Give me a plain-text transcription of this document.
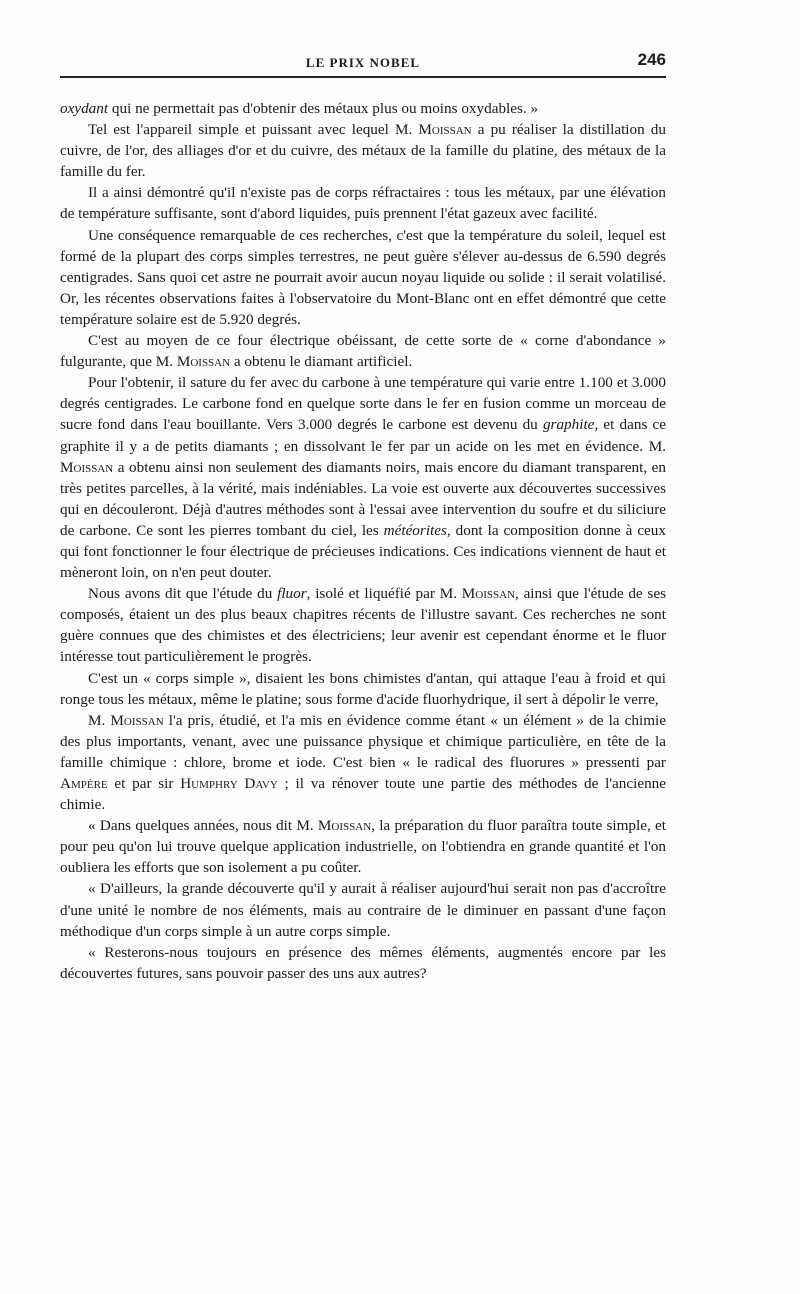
LE PRIX NOBEL	246

oxydant qui ne permettait pas d'obtenir des métaux plus ou moins oxydables. »

Tel est l'appareil simple et puissant avec lequel M. Moissan a pu réaliser la distillation du cuivre, de l'or, des alliages d'or et du cuivre, des métaux de la famille du platine, des métaux de la famille du fer.

Il a ainsi démontré qu'il n'existe pas de corps réfractaires : tous les métaux, par une élévation de température suffisante, sont d'abord liquides, puis prennent l'état gazeux avec facilité.

Une conséquence remarquable de ces recherches, c'est que la température du soleil, lequel est formé de la plupart des corps simples terrestres, ne peut guère s'élever au-dessus de 6.590 degrés centigrades. Sans quoi cet astre ne pourrait avoir aucun noyau liquide ou solide : il serait volatilisé. Or, les récentes observations faites à l'observatoire du Mont-Blanc ont en effet démontré que cette température solaire est de 5.920 degrés.

C'est au moyen de ce four électrique obéissant, de cette sorte de « corne d'abondance » fulgurante, que M. Moissan a obtenu le diamant artificiel.

Pour l'obtenir, il sature du fer avec du carbone à une température qui varie entre 1.100 et 3.000 degrés centigrades. Le carbone fond en quelque sorte dans le fer en fusion comme un morceau de sucre fond dans l'eau bouillante. Vers 3.000 degrés le carbone est devenu du graphite, et dans ce graphite il y a de petits diamants ; en dissolvant le fer par un acide on les met en évidence. M. Moissan a obtenu ainsi non seulement des diamants noirs, mais encore du diamant transparent, en très petites parcelles, à la vérité, mais indéniables. La voie est ouverte aux découvertes successives qui en découleront. Déjà d'autres méthodes sont à l'essai avee intervention du soufre et du siliciure de carbone. Ce sont les pierres tombant du ciel, les météorites, dont la composition donne à ceux qui font fonctionner le four électrique de précieuses indications. Ces indications viennent de haut et mèneront loin, on n'en peut douter.

Nous avons dit que l'étude du fluor, isolé et liquéfié par M. Moissan, ainsi que l'étude de ses composés, étaient un des plus beaux chapitres récents de l'illustre savant. Ces recherches ne sont guère connues que des chimistes et des électriciens; leur avenir est cependant énorme et le fluor intéresse tout particulièrement le progrès.

C'est un « corps simple », disaient les bons chimistes d'antan, qui attaque l'eau à froid et qui ronge tous les métaux, même le platine; sous forme d'acide fluorhydrique, il sert à dépolir le verre,

M. Moissan l'a pris, étudié, et l'a mis en évidence comme étant « un élément » de la chimie des plus importants, venant, avec une puissance physique et chimique particulière, en tête de la famille chimique : chlore, brome et iode. C'est bien « le radical des fluorures » pressenti par Ampère et par sir Humphry Davy ; il va rénover toute une partie des méthodes de l'ancienne chimie.

« Dans quelques années, nous dit M. Moissan, la préparation du fluor paraîtra toute simple, et pour peu qu'on lui trouve quelque application industrielle, on l'obtiendra en grande quantité et l'on oubliera les efforts que son isolement a pu coûter.

« D'ailleurs, la grande découverte qu'il y aurait à réaliser aujourd'hui serait non pas d'accroître d'une unité le nombre de nos éléments, mais au contraire de le diminuer en passant d'une façon méthodique d'un corps simple à un autre corps simple.

« Resterons-nous toujours en présence des mêmes éléments, augmentés encore par les découvertes futures, sans pouvoir passer des uns aux autres?
